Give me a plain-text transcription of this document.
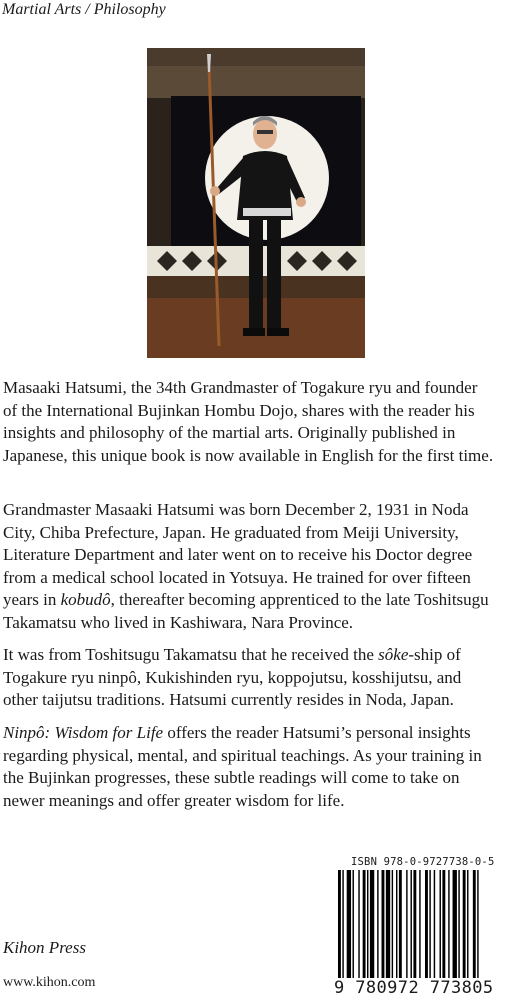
Martial Arts / Philosophy
Masaaki Hatsumi, the 34th Grandmaster of Togakure ryu and founder
of the International Bujinkan Hombu Dojo, shares with the reader his
insights and philosophy of the martial arts. Originally published in
Japanese, this unique book is now available in English for the first time.
Grandmaster Masaaki Hatsumi was born December 2, 1931 in Noda
City, Chiba Prefecture, Japan. He graduated from Meiji University,
Literature Department and later went on to receive his Doctor degree
from a medical school located in Yotsuya. He trained for over fifteen
years in kobudô, thereafter becoming apprenticed to the late Toshitsugu
Takamatsu who lived in Kashiwara, Nara Province.
It was from Toshitsugu Takamatsu that he received the sôke-ship of
Togakure ryu ninpô, Kukishinden ryu, koppojutsu, kosshijutsu, and
other taijutsu traditions. Hatsumi currently resides in Noda, Japan.
Ninpô: Wisdom for Life offers the reader Hatsumi’s personal insights
regarding physical, mental, and spiritual teachings. As your training in
the Bujinkan progresses, these subtle readings will come to take on
newer meanings and offer greater wisdom for life.
ISBN 978-0-9727738-0-5
9 780972 773805
Kihon Press
www.kihon.com
